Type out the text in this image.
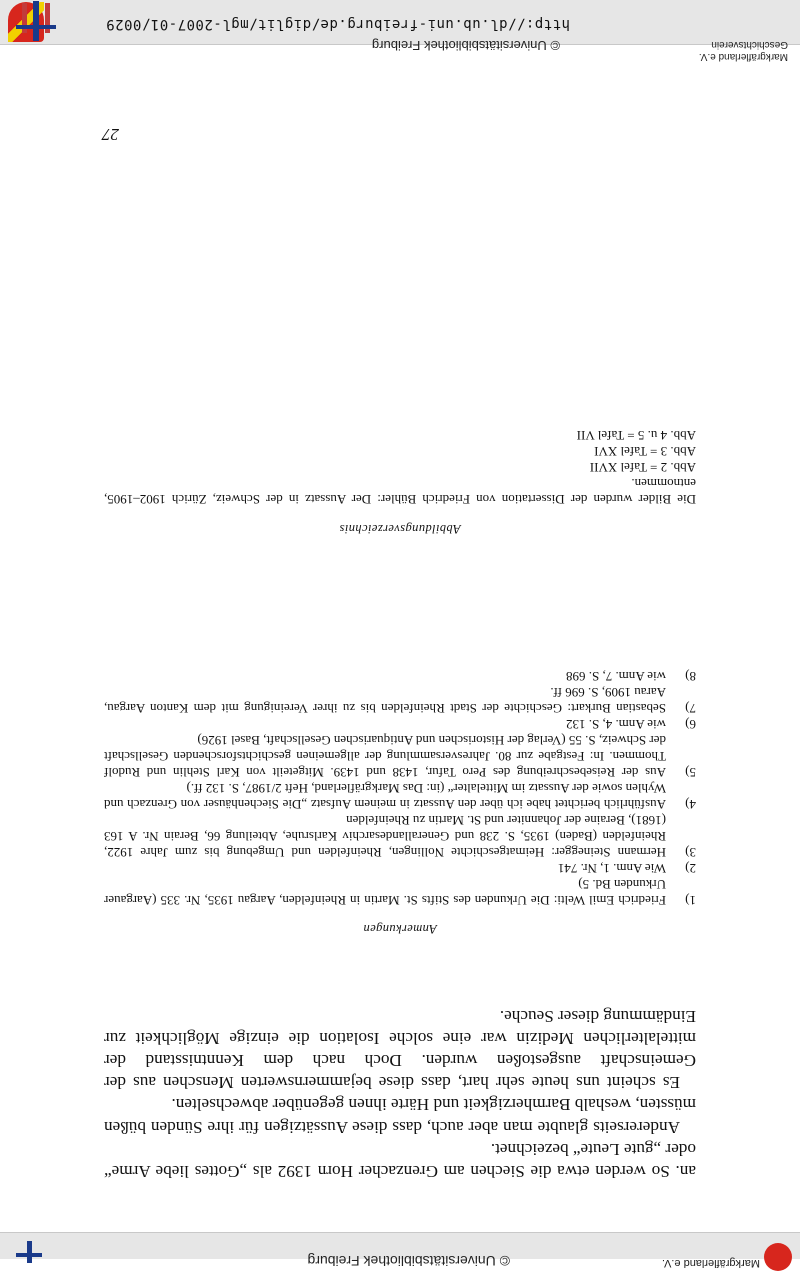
Geschichtsverein
Markgräflerland e.V.
© Universitätsbibliothek Freiburg
http://dl.ub.uni-freiburg.de/diglit/mgl-2007-01/0029

an. So werden etwa die Siechen am Grenzacher Horn 1392 als „Gottes liebe Arme“ oder „gute Leute“ bezeichnet.

Andererseits glaubte man aber auch, dass diese Aussätzigen für ihre Sünden büßen müssten, weshalb Barmherzigkeit und Härte ihnen gegenüber abwechselten.

Es scheint uns heute sehr hart, dass diese bejammernswerten Menschen aus der Gemeinschaft ausgestoßen wurden. Doch nach dem Kenntnisstand der mittelalterlichen Medizin war eine solche Isolation die einzige Möglichkeit zur Eindämmung dieser Seuche.

Anmerkungen
1)
Friedrich Emil Welti: Die Urkunden des Stifts St. Martin in Rheinfelden, Aargau 1935, Nr. 335 (Aargauer Urkunden Bd. 5)
2)
Wie Anm. 1, Nr. 741
3)
Hermann Steinegger: Heimatgeschichte Nollingen, Rheinfelden und Umgebung bis zum Jahre 1922, Rheinfelden (Baden) 1935, S. 238 und Generallandesarchiv Karlsruhe, Abteilung 66, Berain Nr. A 163 (1681), Beraine der Johanniter und St. Martin zu Rheinfelden
4)
Ausführlich berichtet habe ich über den Aussatz in meinem Aufsatz „Die Siechenhäuser von Grenzach und Wyhlen sowie der Aussatz im Mittelalter“ (in: Das Markgräflerland, Heft 2/1987, S. 132 ff.)
5)
Aus der Reisebeschreibung des Pero Tafur, 1438 und 1439. Mitgeteilt von Karl Stehlin und Rudolf Thommen. In: Festgabe zur 80. Jahresversammlung der allgemeinen geschichtsforschenden Gesellschaft der Schweiz, S. 55 (Verlag der Historischen und Antiquarischen Gesellschaft, Basel 1926)
6)
wie Anm. 4, S. 132
7)
Sebastian Burkart: Geschichte der Stadt Rheinfelden bis zu ihrer Vereinigung mit dem Kanton Aargau, Aarau 1909, S. 696 ff.
8)
wie Anm. 7, S. 698
Abbildungsverzeichnis
Die Bilder wurden der Dissertation von Friedrich Bühler: Der Aussatz in der Schweiz, Zürich 1902–1905, entnommen.
Abb. 2 = Tafel XVII
Abb. 3 = Tafel XVI
Abb. 4 u. 5 = Tafel VII
27
Markgräflerland e.V.
© Universitätsbibliothek Freiburg
